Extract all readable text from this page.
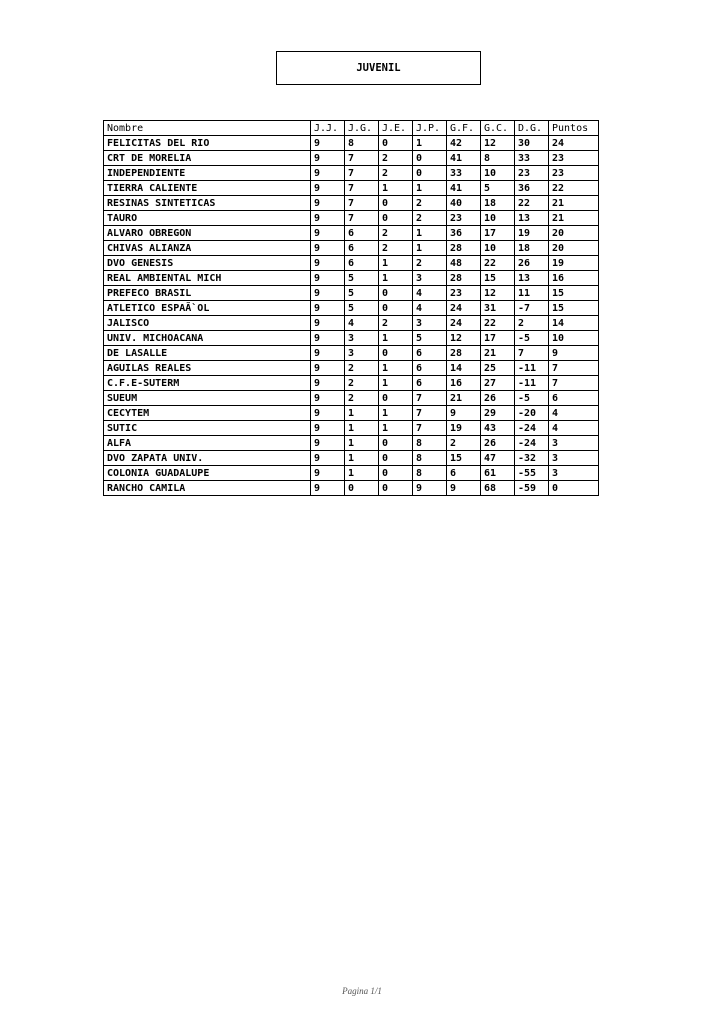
JUVENIL
Nombre	J.J.	J.G.	J.E.	J.P.	G.F.	G.C.	D.G.	Puntos
FELICITAS DEL RIO	9	8	0	1	42	12	30	24
CRT DE MORELIA	9	7	2	0	41	8	33	23
INDEPENDIENTE	9	7	2	0	33	10	23	23
TIERRA CALIENTE	9	7	1	1	41	5	36	22
RESINAS SINTETICAS	9	7	0	2	40	18	22	21
TAURO	9	7	0	2	23	10	13	21
ALVARO OBREGON	9	6	2	1	36	17	19	20
CHIVAS ALIANZA	9	6	2	1	28	10	18	20
DVO GENESIS	9	6	1	2	48	22	26	19
REAL AMBIENTAL MICH	9	5	1	3	28	15	13	16
PREFECO BRASIL	9	5	0	4	23	12	11	15
ATLETICO ESPAÃ`OL	9	5	0	4	24	31	-7	15
JALISCO	9	4	2	3	24	22	2	14
UNIV. MICHOACANA	9	3	1	5	12	17	-5	10
DE LASALLE	9	3	0	6	28	21	7	9
AGUILAS REALES	9	2	1	6	14	25	-11	7
C.F.E-SUTERM	9	2	1	6	16	27	-11	7
SUEUM	9	2	0	7	21	26	-5	6
CECYTEM	9	1	1	7	9	29	-20	4
SUTIC	9	1	1	7	19	43	-24	4
ALFA	9	1	0	8	2	26	-24	3
DVO ZAPATA UNIV.	9	1	0	8	15	47	-32	3
COLONIA GUADALUPE	9	1	0	8	6	61	-55	3
RANCHO CAMILA	9	0	0	9	9	68	-59	0
Pagina 1/1
